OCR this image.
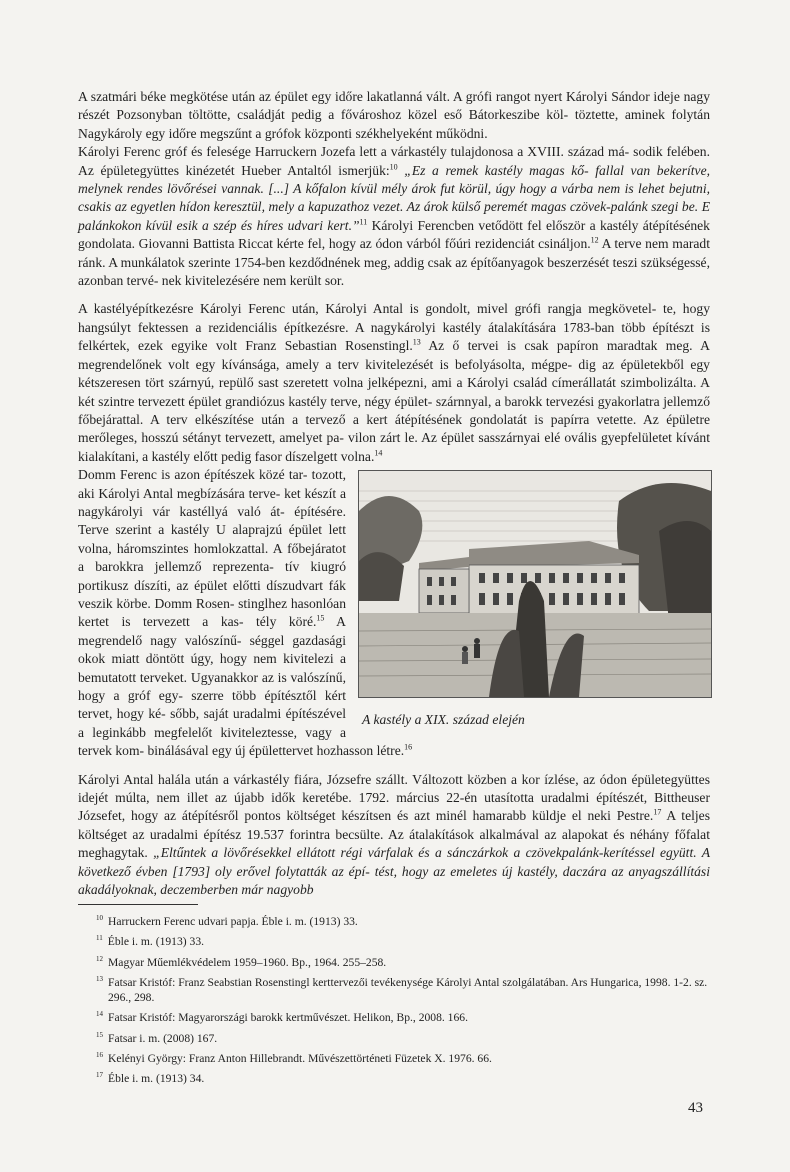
A szatmári béke megkötése után az épület egy időre lakatlanná vált. A grófi rangot nyert Károlyi Sándor ideje nagy részét Pozsonyban töltötte, családját pedig a fővároshoz közel eső Bátorkeszibe köl- töztette, aminek folytán Nagykároly egy időre megszűnt a grófok központi székhelyeként működni.

Károlyi Ferenc gróf és felesége Harruckern Jozefa lett a várkastély tulajdonosa a XVIII. század má- sodik felében. Az épületegyüttes kinézetét Hueber Antaltól ismerjük:$^{10}$ „Ez a remek kastély magas kő- fallal van bekerítve, melynek rendes lövőrései vannak. [...] A kőfalon kívül mély árok fut körül, úgy hogy a várba nem is lehet bejutni, csakis az egyetlen hídon keresztül, mely a kapuzathoz vezet. Az árok külső peremét magas czövek-palánk szegi be. E palánkokon kívül esik a szép és híres udvari kert.”$^{11}$ Károlyi Ferencben vetődött fel először a kastély átépítésének gondolata. Giovanni Battista Riccat kérte fel, hogy az ódon várból főúri rezidenciát csináljon.$^{12}$ A terve nem maradt ránk. A munkálatok szerinte 1754-ben kezdődnének meg, addig csak az építőanyagok beszerzését teszi szükségessé, azonban tervé- nek kivitelezésére nem került sor.

A kastélyépítkezésre Károlyi Ferenc után, Károlyi Antal is gondolt, mivel grófi rangja megkövetel- te, hogy hangsúlyt fektessen a rezidenciális építkezésre. A nagykárolyi kastély átalakítására 1783-ban több építészt is felkértek, ezek egyike volt Franz Sebastian Rosenstingl.$^{13}$ Az ő tervei is csak papíron maradtak meg. A megrendelőnek volt egy kívánsága, amely a terv kivitelezését is befolyásolta, mégpe- dig az épületekből egy kétszeresen tört szárnyú, repülő sast szeretett volna jelképezni, ami a Károlyi család címerállatát szimbolizálta. A két szintre tervezett épület grandiózus kastély terve, négy épület- szárnnyal, a barokk tervezési gyakorlatra jellemző főbejárattal. A terv elkészítése után a tervező a kert átépítésének gondolatát is papírra vetette. Az épületre merőleges, hosszú sétányt tervezett, amelyet pa- vilon zárt le. Az épület sasszárnyai elé ovális gyepfelületet kívánt kialakítani, a kastély előtt pedig fasor díszelgett volna.$^{14}$

A kastély a XIX. század elején

Domm Ferenc is azon építészek közé tar- tozott, aki Károlyi Antal megbízására terve- ket készít a nagykárolyi vár kastéllyá való át- építésére. Terve szerint a kastély U alaprajzú épület lett volna, háromszintes homlokzattal. A főbejáratot a barokkra jellemző reprezenta- tív kiugró portikusz díszíti, az épület előtti díszudvart fák veszik körbe. Domm Rosen- stinglhez hasonlóan kertet is tervezett a kas- tély köré.$^{15}$ A megrendelő nagy valószínű- séggel gazdasági okok miatt döntött úgy, hogy nem kivitelezi a bemutatott terveket. Ugyanakkor az is valószínű, hogy a gróf egy- szerre több építésztől kért tervet, hogy ké- sőbb, saját uradalmi építészével a leginkább megfelelőt kiviteleztesse, vagy a tervek kom- binálásával egy új épülettervet hozhasson létre.$^{16}$

Károlyi Antal halála után a várkastély fiára, Józsefre szállt. Változott közben a kor ízlése, az ódon épületegyüttes idejét múlta, nem illet az újabb idők keretébe. 1792. március 22-én utasította uradalmi építészét, Bittheuser Józsefet, hogy az átépítésről pontos költséget készítsen és azt minél hamarabb küldje el neki Pestre.$^{17}$ A teljes költséget az uradalmi építész 19.537 forintra becsülte. Az átalakítások alkalmával az alapokat és néhány főfalat meghagytak. „Eltűntek a lövőrésekkel ellátott régi várfalak és a sánczárkok a czövekpalánk-kerítéssel együtt. A következő évben [1793] oly erővel folytatták az épí- tést, hogy az emeletes új kastély, daczára az anyagszállítási akadályoknak, deczemberben már nagyobb

$^{10}$ Harruckern Ferenc udvari papja. Éble i. m. (1913) 33.
$^{11}$ Éble i. m. (1913) 33.
$^{12}$ Magyar Műemlékvédelem 1959–1960. Bp., 1964. 255–258.
$^{13}$ Fatsar Kristóf: Franz Seabstian Rosenstingl kerttervezői tevékenysége Károlyi Antal szolgálatában. Ars Hungarica, 1998. 1-2. sz. 296., 298.
$^{14}$ Fatsar Kristóf: Magyarországi barokk kertművészet. Helikon, Bp., 2008. 166.
$^{15}$ Fatsar i. m. (2008) 167.
$^{16}$ Kelényi György: Franz Anton Hillebrandt. Művészettörténeti Füzetek X. 1976. 66.
$^{17}$ Éble i. m. (1913) 34.
43
